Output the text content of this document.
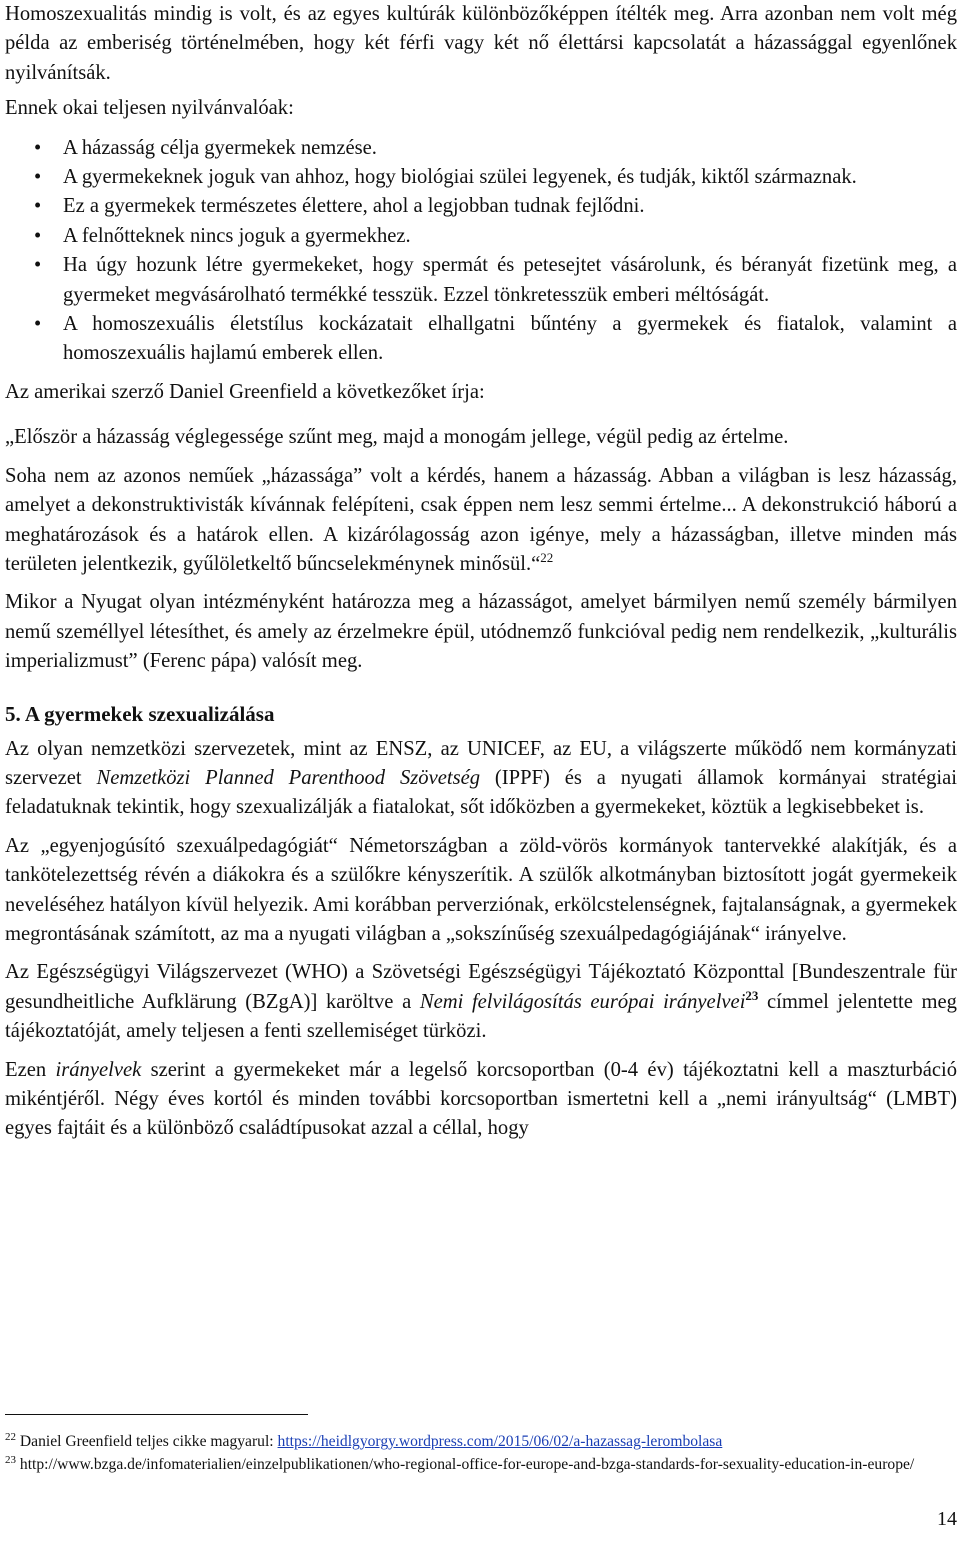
Homoszexualitás mindig is volt, és az egyes kultúrák különbözőképpen ítélték meg. Arra azonban nem volt még példa az emberiség történelmében, hogy két férfi vagy két nő élettársi kapcsolatát a házassággal egyenlőnek nyilvánítsák.

Ennek okai teljesen nyilvánvalóak:

• A házasság célja gyermekek nemzése.
• A gyermekeknek joguk van ahhoz, hogy biológiai szülei legyenek, és tudják, kiktől származnak.
• Ez a gyermekek természetes élettere, ahol a legjobban tudnak fejlődni.
• A felnőtteknek nincs joguk a gyermekhez.
• Ha úgy hozunk létre gyermekeket, hogy spermát és petesejtet vásárolunk, és béranyát fizetünk meg, a gyermeket megvásárolható termékké tesszük. Ezzel tönkretesszük emberi méltóságát.
• A homoszexuális életstílus kockázatait elhallgatni bűntény a gyermekek és fiatalok, valamint a homoszexuális hajlamú emberek ellen.

Az amerikai szerző Daniel Greenfield a következőket írja:

„Először a házasság véglegessége szűnt meg, majd a monogám jellege, végül pedig az értelme.

Soha nem az azonos neműek „házassága” volt a kérdés, hanem a házasság. Abban a világban is lesz házasság, amelyet a dekonstruktivisták kívánnak felépíteni, csak éppen nem lesz semmi értelme... A dekonstrukció háború a meghatározások és a határok ellen. A kizárólagosság azon igénye, mely a házasságban, illetve minden más területen jelentkezik, gyűlöletkeltő bűncselekménynek minősül.“$^{22}$

Mikor a Nyugat olyan intézményként határozza meg a házasságot, amelyet bármilyen nemű személy bármilyen nemű személlyel létesíthet, és amely az érzelmekre épül, utódnemző funkcióval pedig nem rendelkezik, „kulturális imperializmust” (Ferenc pápa) valósít meg.

5. A gyermekek szexualizálása

Az olyan nemzetközi szervezetek, mint az ENSZ, az UNICEF, az EU, a világszerte működő nem kormányzati szervezet Nemzetközi Planned Parenthood Szövetség (IPPF) és a nyugati államok kormányai stratégiai feladatuknak tekintik, hogy szexualizálják a fiatalokat, sőt időközben a gyermekeket, köztük a legkisebbeket is.

Az „egyenjogúsító szexuálpedagógiát“ Németországban a zöld-vörös kormányok tantervekké alakítják, és a tankötelezettség révén a diákokra és a szülőkre kényszerítik. A szülők alkotmányban biztosított jogát gyermekeik neveléséhez hatályon kívül helyezik. Ami korábban perverziónak, erkölcstelenségnek, fajtalanságnak, a gyermekek megrontásának számított, az ma a nyugati világban a „sokszínűség szexuálpedagógiájának“ irányelve.

Az Egészségügyi Világszervezet (WHO) a Szövetségi Egészségügyi Tájékoztató Központtal [Bundeszentrale für gesundheitliche Aufklärung (BZgA)] karöltve a Nemi felvilágosítás európai irányelvei$^{23}$ címmel jelentette meg tájékoztatóját, amely teljesen a fenti szellemiséget türközi.

Ezen irányelvek szerint a gyermekeket már a legelső korcsoportban (0-4 év) tájékoztatni kell a maszturbáció mikéntjéről. Négy éves kortól és minden további korcsoportban ismertetni kell a „nemi irányultság“ (LMBT) egyes fajtáit és a különböző családtípusokat azzal a céllal, hogy

$^{22}$ Daniel Greenfield teljes cikke magyarul: https://heidlgyorgy.wordpress.com/2015/06/02/a-hazassag-lerombolasa
$^{23}$ http://www.bzga.de/infomaterialien/einzelpublikationen/who-regional-office-for-europe-and-bzga-standards-for-sexuality-education-in-europe/
14
